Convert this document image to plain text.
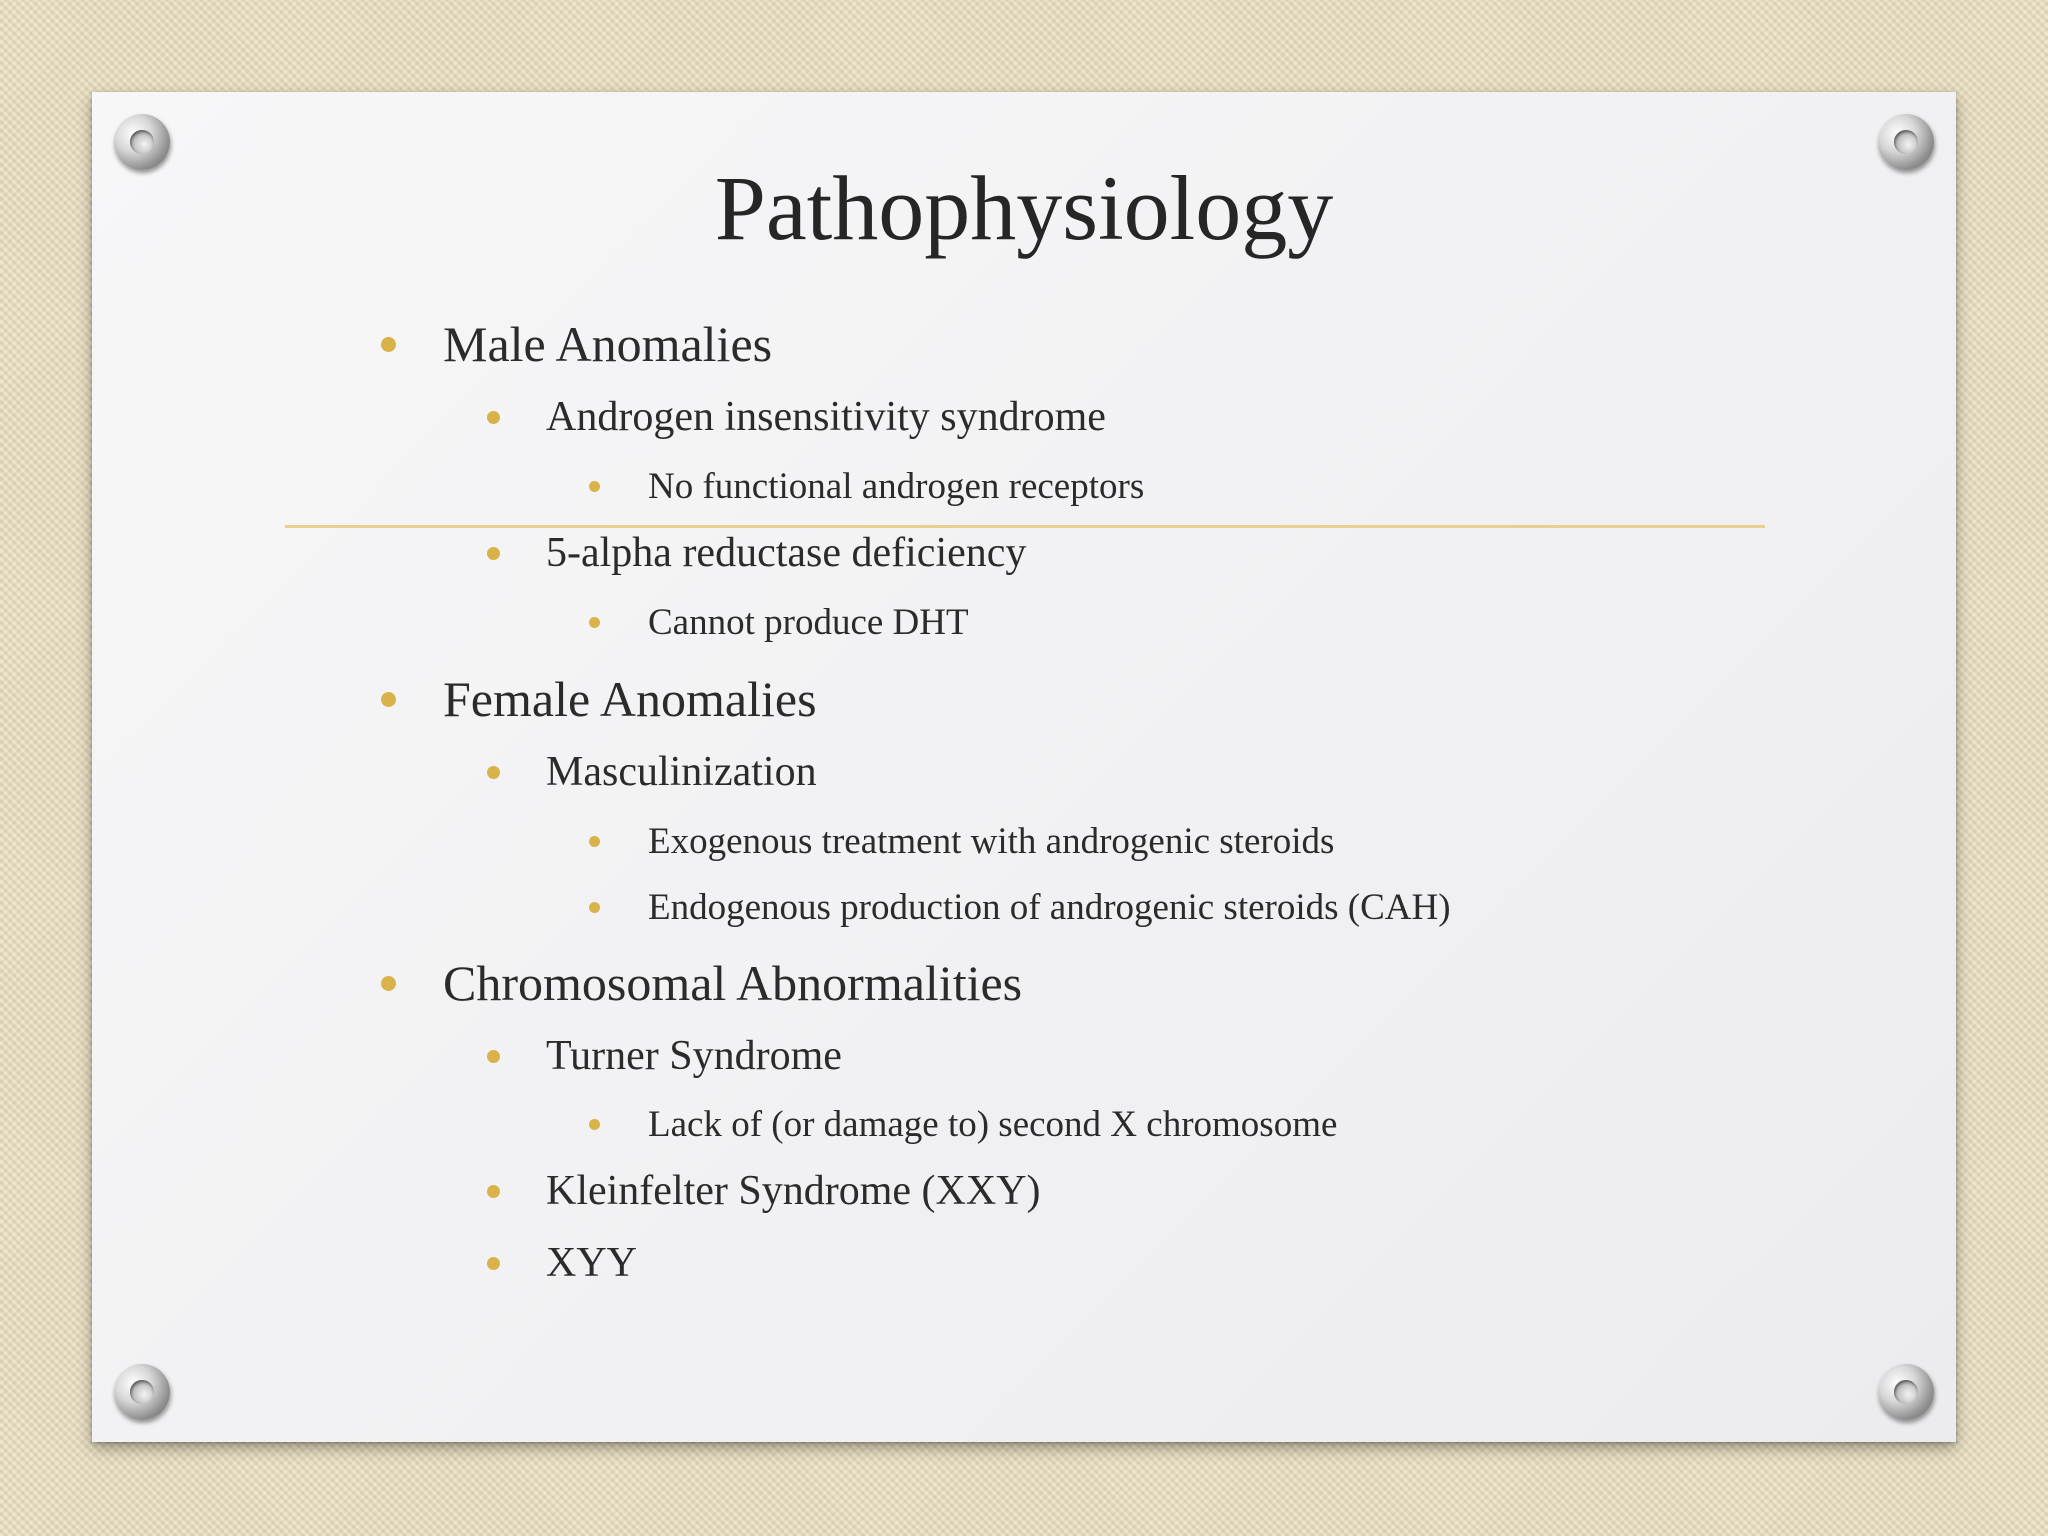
Pathophysiology
Male Anomalies
Androgen insensitivity syndrome
No functional androgen receptors
5-alpha reductase deficiency
Cannot produce DHT
Female Anomalies
Masculinization
Exogenous treatment with androgenic steroids
Endogenous production of androgenic steroids (CAH)
Chromosomal Abnormalities
Turner Syndrome
Lack of (or damage to) second X chromosome
Kleinfelter Syndrome (XXY)
XYY
